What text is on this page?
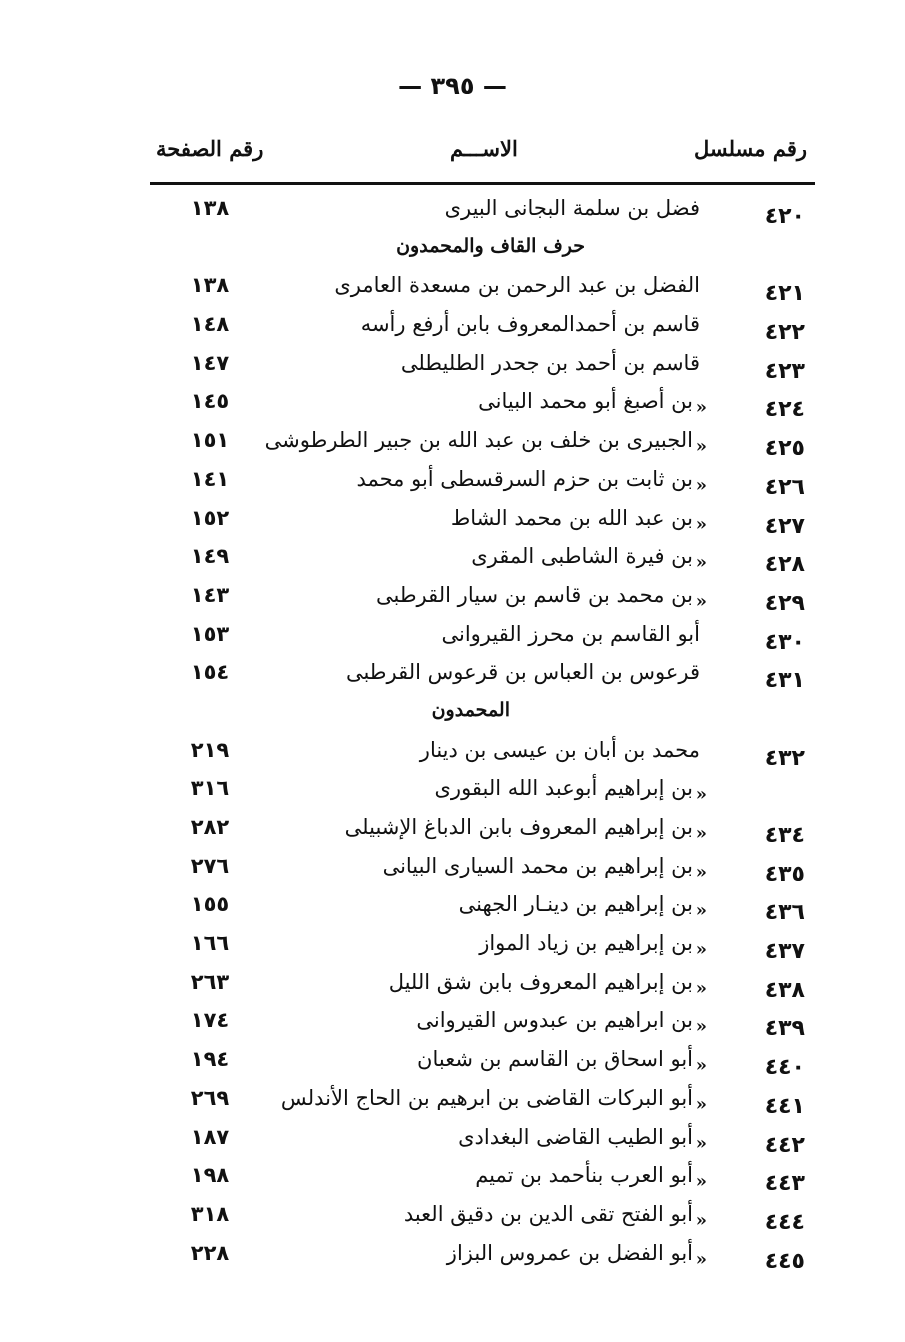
— ٣٩٥ —
رقم مسلسل
الاســـم
رقم الصفحة
٤٢٠
فضل بن سلمة البجانى البيرى
١٣٨
حرف القاف والمحمدون
٤٢١
الفضل بن عبد الرحمن بن مسعدة العامرى
١٣٨
٤٢٢
قاسم بن أحمدالمعروف بابن أرفع رأسه
١٤٨
٤٢٣
قاسم بن أحمد بن جحدر الطليطلى
١٤٧
٤٢٤
«
بن أصبغ أبو محمد البيانى
١٤٥
٤٢٥
«
الجبيرى بن خلف بن عبد الله بن جبير الطرطوشى
١٥١
٤٢٦
«
بن ثابت بن حزم السرقسطى أبو محمد
١٤١
٤٢٧
«
بن عبد الله بن محمد الشاط
١٥٢
٤٢٨
«
بن فيرة الشاطبى المقرى
١٤٩
٤٢٩
«
بن محمد بن قاسم بن سيار القرطبى
١٤٣
٤٣٠
أبو القاسم بن محرز القيروانى
١٥٣
٤٣١
قرعوس بن العباس بن قرعوس القرطبى
١٥٤
المحمدون
٤٣٢
محمد بن أبان بن عيسى بن دينار
٢١٩
«
بن إبراهيم أبوعبد الله البقورى
٣١٦
٤٣٤
«
بن إبراهيم المعروف بابن الدباغ الإشبيلى
٢٨٢
٤٣٥
«
بن إبراهيم بن محمد السيارى البيانى
٢٧٦
٤٣٦
«
بن إبراهيم بن دينـار الجهنى
١٥٥
٤٣٧
«
بن إبراهيم بن زياد المواز
١٦٦
٤٣٨
«
بن إبراهيم المعروف بابن شق الليل
٢٦٣
٤٣٩
«
بن ابراهيم بن عبدوس القيروانى
١٧٤
٤٤٠
«
أبو اسحاق بن القاسم بن شعبان
١٩٤
٤٤١
«
أبو البركات القاضى بن ابرهيم بن الحاج الأندلس
٢٦٩
٤٤٢
«
أبو الطيب القاضى البغدادى
١٨٧
٤٤٣
«
أبو العرب بنأحمد بن تميم
١٩٨
٤٤٤
«
أبو الفتح تقى الدين بن دقيق العبد
٣١٨
٤٤٥
«
أبو الفضل بن عمروس البزاز
٢٢٨
